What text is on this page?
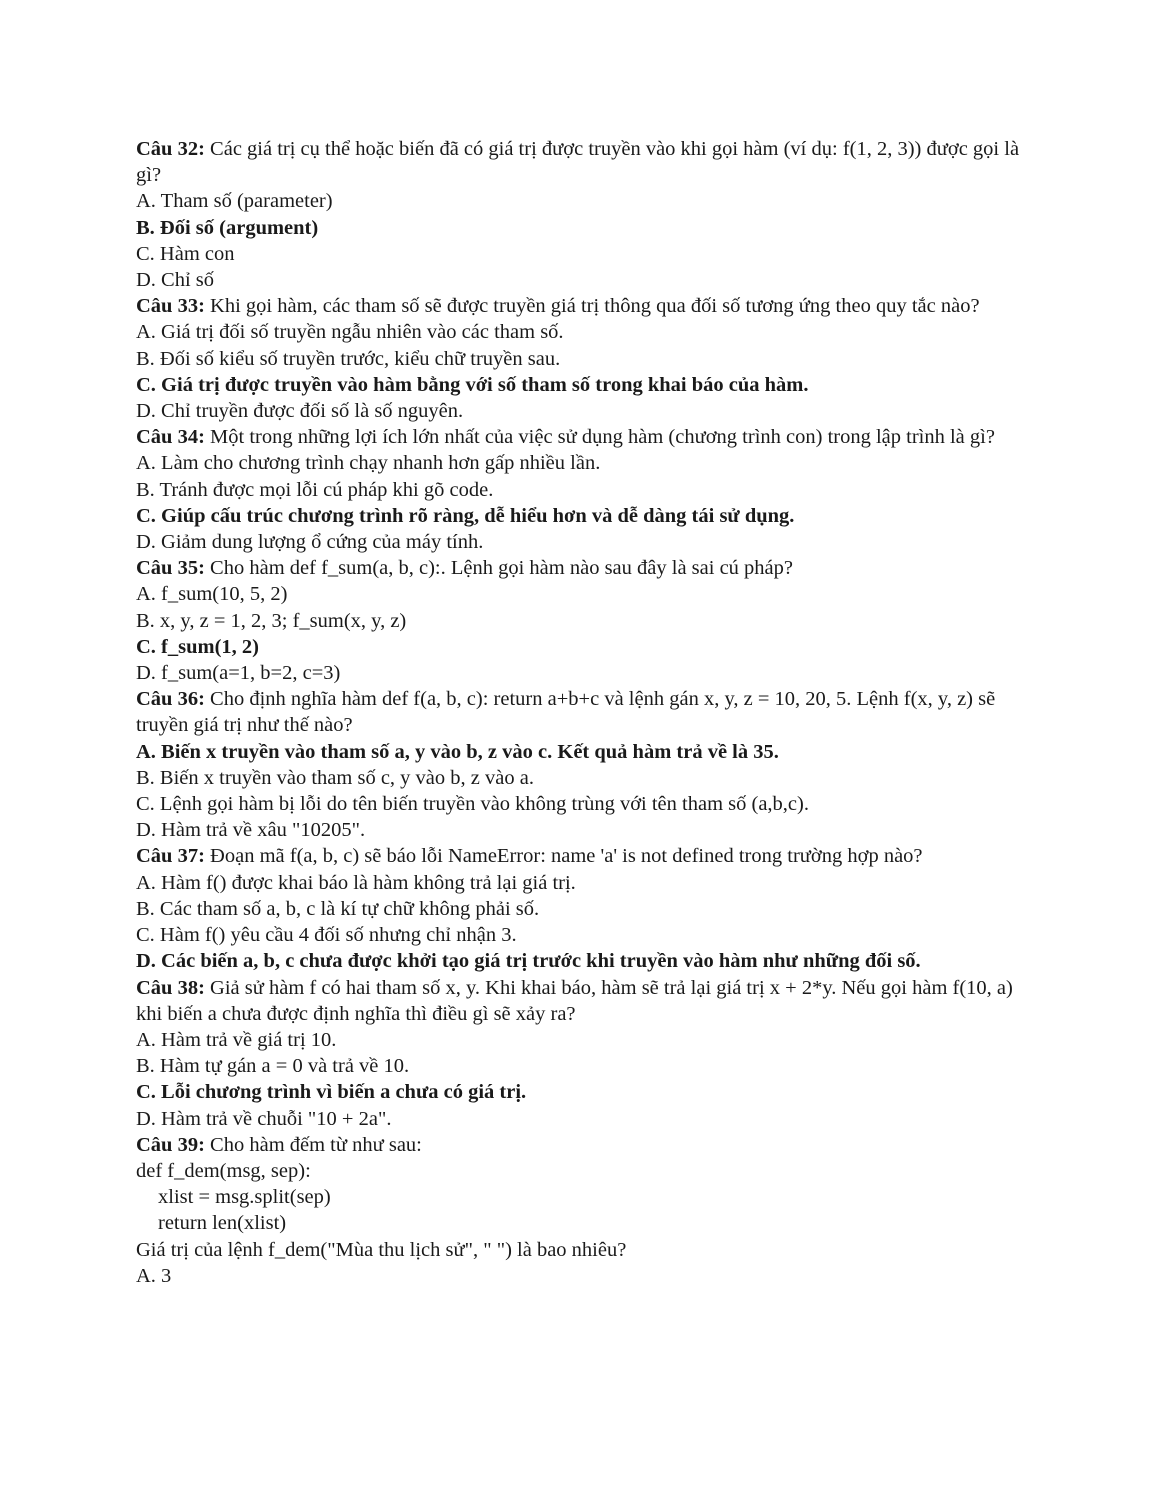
Câu 32: Các giá trị cụ thể hoặc biến đã có giá trị được truyền vào khi gọi hàm (ví dụ: f(1, 2, 3)) được gọi là gì?

A. Tham số (parameter)

B. Đối số (argument)

C. Hàm con

D. Chỉ số

Câu 33: Khi gọi hàm, các tham số sẽ được truyền giá trị thông qua đối số tương ứng theo quy tắc nào?

A. Giá trị đối số truyền ngẫu nhiên vào các tham số.

B. Đối số kiểu số truyền trước, kiểu chữ truyền sau.

C. Giá trị được truyền vào hàm bằng với số tham số trong khai báo của hàm.

D. Chỉ truyền được đối số là số nguyên.

Câu 34: Một trong những lợi ích lớn nhất của việc sử dụng hàm (chương trình con) trong lập trình là gì?

A. Làm cho chương trình chạy nhanh hơn gấp nhiều lần.

B. Tránh được mọi lỗi cú pháp khi gõ code.

C. Giúp cấu trúc chương trình rõ ràng, dễ hiểu hơn và dễ dàng tái sử dụng.

D. Giảm dung lượng ổ cứng của máy tính.

Câu 35: Cho hàm def f_sum(a, b, c):. Lệnh gọi hàm nào sau đây là sai cú pháp?

A. f_sum(10, 5, 2)

B. x, y, z = 1, 2, 3; f_sum(x, y, z)

C. f_sum(1, 2)

D. f_sum(a=1, b=2, c=3)

Câu 36: Cho định nghĩa hàm def f(a, b, c): return a+b+c và lệnh gán x, y, z = 10, 20, 5. Lệnh f(x, y, z) sẽ truyền giá trị như thế nào?

A. Biến x truyền vào tham số a, y vào b, z vào c. Kết quả hàm trả về là 35.

B. Biến x truyền vào tham số c, y vào b, z vào a.

C. Lệnh gọi hàm bị lỗi do tên biến truyền vào không trùng với tên tham số (a,b,c).

D. Hàm trả về xâu "10205".

Câu 37: Đoạn mã f(a, b, c) sẽ báo lỗi NameError: name 'a' is not defined trong trường hợp nào?

A. Hàm f() được khai báo là hàm không trả lại giá trị.

B. Các tham số a, b, c là kí tự chữ không phải số.

C. Hàm f() yêu cầu 4 đối số nhưng chỉ nhận 3.

D. Các biến a, b, c chưa được khởi tạo giá trị trước khi truyền vào hàm như những đối số.

Câu 38: Giả sử hàm f có hai tham số x, y. Khi khai báo, hàm sẽ trả lại giá trị x + 2*y. Nếu gọi hàm f(10, a) khi biến a chưa được định nghĩa thì điều gì sẽ xảy ra?

A. Hàm trả về giá trị 10.

B. Hàm tự gán a = 0 và trả về 10.

C. Lỗi chương trình vì biến a chưa có giá trị.

D. Hàm trả về chuỗi "10 + 2a".

Câu 39: Cho hàm đếm từ như sau:

def f_dem(msg, sep):

xlist = msg.split(sep)

return len(xlist)

Giá trị của lệnh f_dem("Mùa thu lịch sử", " ") là bao nhiêu?

A. 3
